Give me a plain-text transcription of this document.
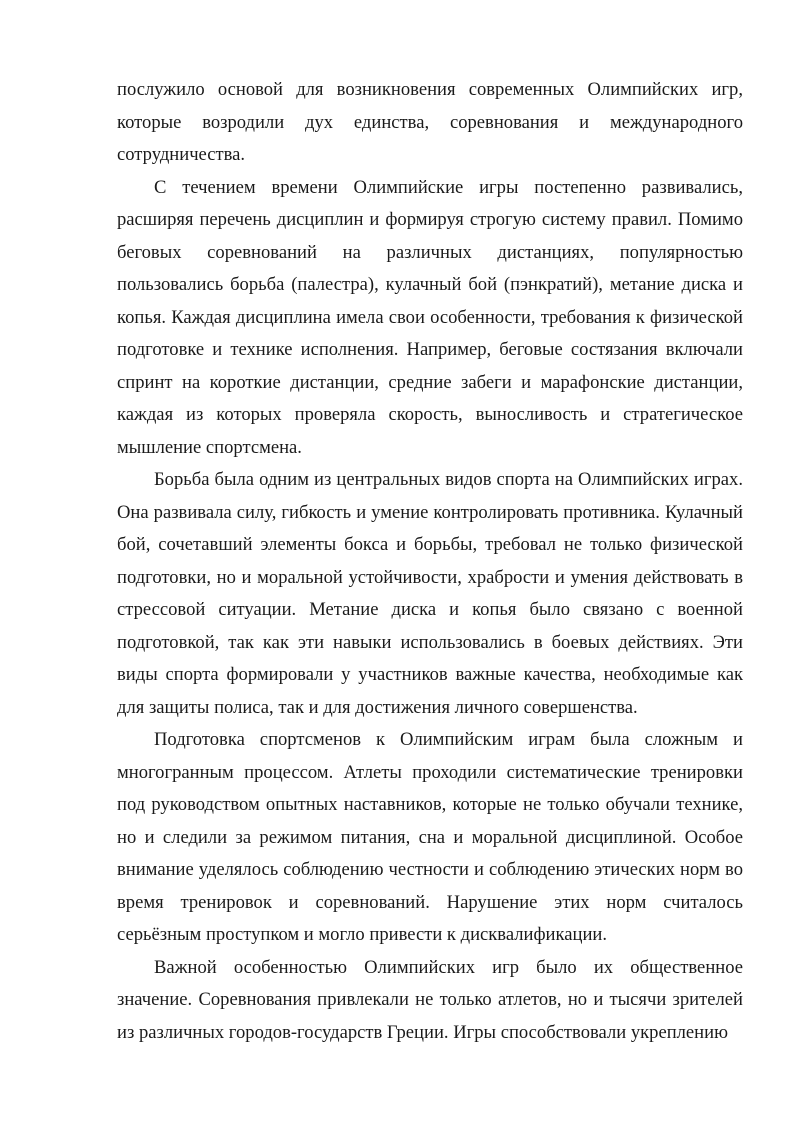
послужило основой для возникновения современных Олимпийских игр, которые возродили дух единства, соревнования и международного сотрудничества.

С течением времени Олимпийские игры постепенно развивались, расширяя перечень дисциплин и формируя строгую систему правил. Помимо беговых соревнований на различных дистанциях, популярностью пользовались борьба (палестра), кулачный бой (пэнкратий), метание диска и копья. Каждая дисциплина имела свои особенности, требования к физической подготовке и технике исполнения. Например, беговые состязания включали спринт на короткие дистанции, средние забеги и марафонские дистанции, каждая из которых проверяла скорость, выносливость и стратегическое мышление спортсмена.

Борьба была одним из центральных видов спорта на Олимпийских играх. Она развивала силу, гибкость и умение контролировать противника. Кулачный бой, сочетавший элементы бокса и борьбы, требовал не только физической подготовки, но и моральной устойчивости, храбрости и умения действовать в стрессовой ситуации. Метание диска и копья было связано с военной подготовкой, так как эти навыки использовались в боевых действиях. Эти виды спорта формировали у участников важные качества, необходимые как для защиты полиса, так и для достижения личного совершенства.

Подготовка спортсменов к Олимпийским играм была сложным и многогранным процессом. Атлеты проходили систематические тренировки под руководством опытных наставников, которые не только обучали технике, но и следили за режимом питания, сна и моральной дисциплиной. Особое внимание уделялось соблюдению честности и соблюдению этических норм во время тренировок и соревнований. Нарушение этих норм считалось серьёзным проступком и могло привести к дисквалификации.

Важной особенностью Олимпийских игр было их общественное значение. Соревнования привлекали не только атлетов, но и тысячи зрителей из различных городов-государств Греции. Игры способствовали укреплению
